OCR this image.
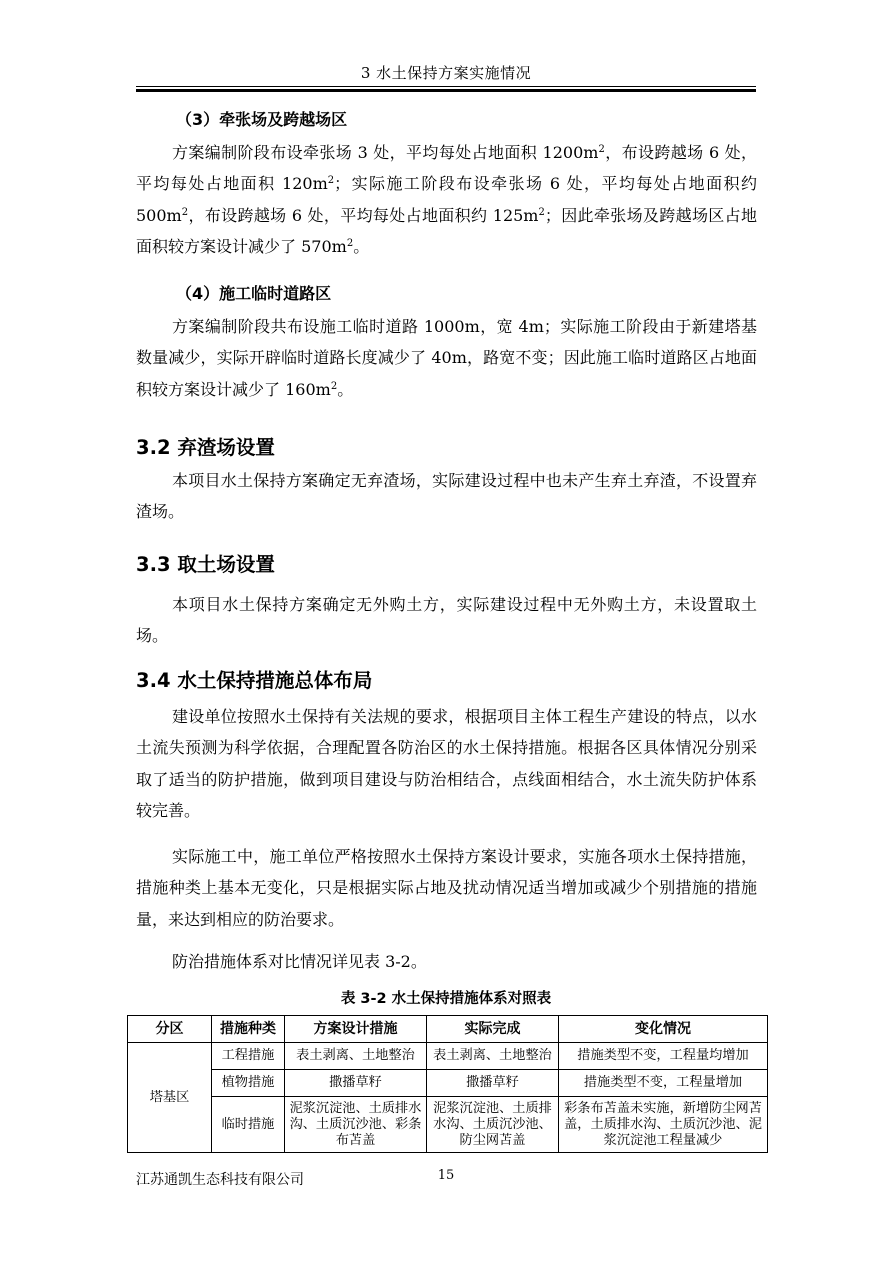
3 水土保持方案实施情况
（3）牵张场及跨越场区
方案编制阶段布设牵张场 3 处，平均每处占地面积 $1200m^2$，布设跨越场 6 处，平均每处占地面积 $120m^2$；实际施工阶段布设牵张场 6 处，平均每处占地面积约 $500m^2$，布设跨越场 6 处，平均每处占地面积约 $125m^2$；因此牵张场及跨越场区占地面积较方案设计减少了 $570m^2$。
（4）施工临时道路区
方案编制阶段共布设施工临时道路 1000m，宽 4m；实际施工阶段由于新建塔基数量减少，实际开辟临时道路长度减少了 40m，路宽不变；因此施工临时道路区占地面积较方案设计减少了 $160m^2$。
3.2 弃渣场设置
本项目水土保持方案确定无弃渣场，实际建设过程中也未产生弃土弃渣，不设置弃渣场。
3.3 取土场设置
本项目水土保持方案确定无外购土方，实际建设过程中无外购土方，未设置取土场。
3.4 水土保持措施总体布局
建设单位按照水土保持有关法规的要求，根据项目主体工程生产建设的特点，以水土流失预测为科学依据，合理配置各防治区的水土保持措施。根据各区具体情况分别采取了适当的防护措施，做到项目建设与防治相结合，点线面相结合，水土流失防护体系较完善。
实际施工中，施工单位严格按照水土保持方案设计要求，实施各项水土保持措施，措施种类上基本无变化，只是根据实际占地及扰动情况适当增加或减少个别措施的措施量，来达到相应的防治要求。
防治措施体系对比情况详见表 3-2。
表 3-2 水土保持措施体系对照表
分区	措施种类	方案设计措施	实际完成	变化情况
塔基区	工程措施	表土剥离、土地整治	表土剥离、土地整治	措施类型不变，工程量均增加
	植物措施	撒播草籽	撒播草籽	措施类型不变，工程量增加
	临时措施	泥浆沉淀池、土质排水沟、土质沉沙池、彩条布苫盖	泥浆沉淀池、土质排水沟、土质沉沙池、防尘网苫盖	彩条布苫盖未实施，新增防尘网苫盖，土质排水沟、土质沉沙池、泥浆沉淀池工程量减少
江苏通凯生态科技有限公司	15
